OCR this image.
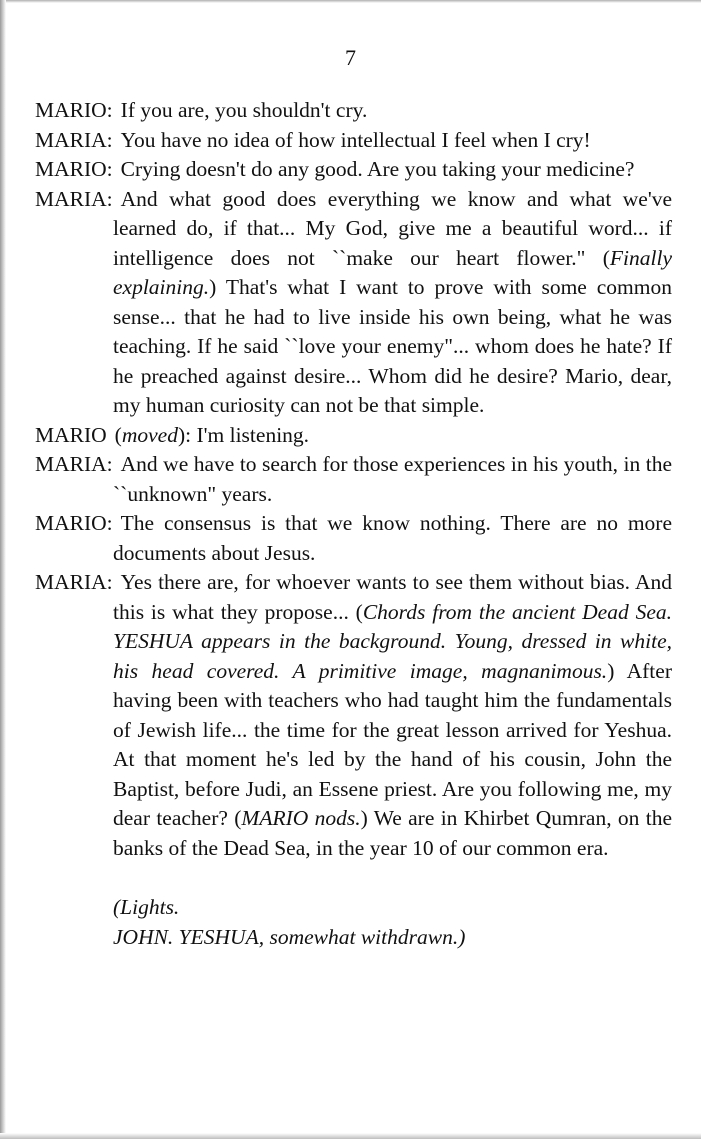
7
MARIO: If you are, you shouldn't cry.
MARIA: You have no idea of how intellectual I feel when I cry!
MARIO: Crying doesn't do any good. Are you taking your medicine?
MARIA: And what good does everything we know and what we've learned do, if that... My God, give me a beautiful word... if intelligence does not ``make our heart flower." (Finally explaining.) That's what I want to prove with some common sense... that he had to live inside his own being, what he was teaching. If he said ``love your enemy"... whom does he hate? If he preached against desire... Whom did he desire? Mario, dear, my human curiosity can not be that simple.
MARIO (moved): I'm listening.
MARIA: And we have to search for those experiences in his youth, in the ``unknown" years.
MARIO: The consensus is that we know nothing. There are no more documents about Jesus.
MARIA: Yes there are, for whoever wants to see them without bias. And this is what they propose... (Chords from the ancient Dead Sea. YESHUA appears in the background. Young, dressed in white, his head covered. A primitive image, magnanimous.) After having been with teachers who had taught him the fundamentals of Jewish life... the time for the great lesson arrived for Yeshua. At that moment he's led by the hand of his cousin, John the Baptist, before Judi, an Essene priest. Are you following me, my dear teacher? (MARIO nods.) We are in Khirbet Qumran, on the banks of the Dead Sea, in the year 10 of our common era.
(Lights.
JOHN. YESHUA, somewhat withdrawn.)
